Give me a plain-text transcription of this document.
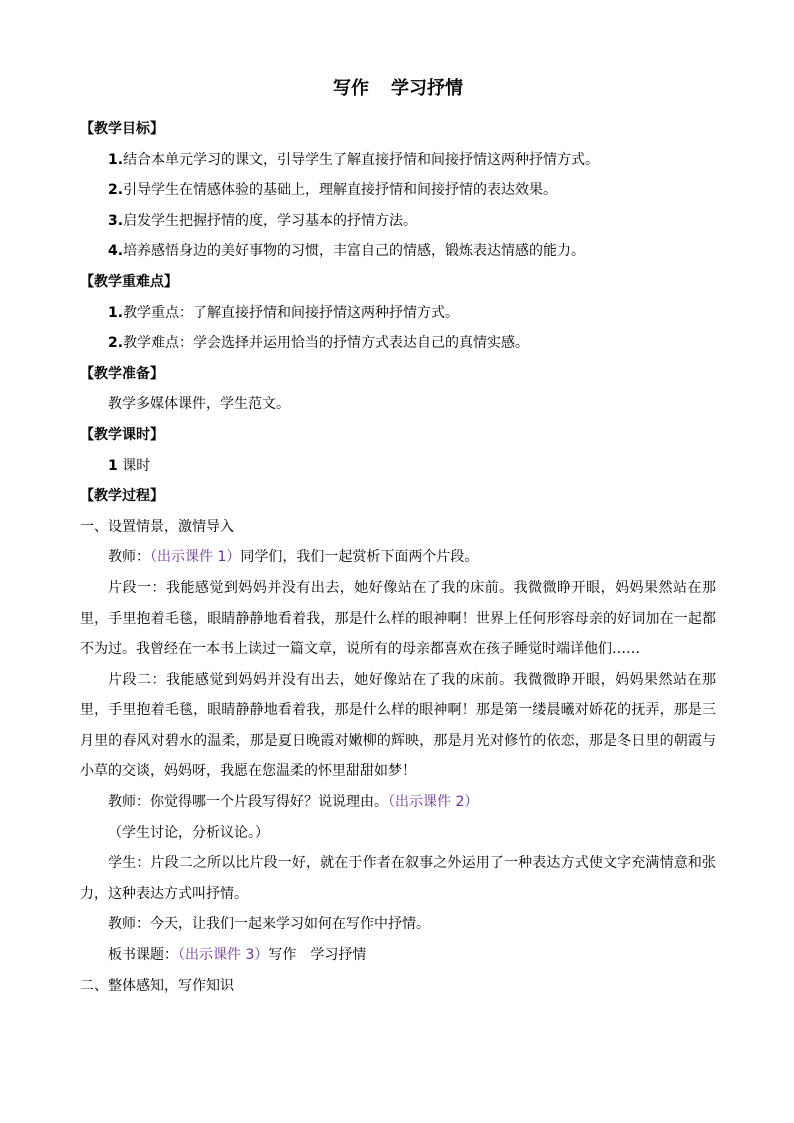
写作 学习抒情
【教学目标】
1.结合本单元学习的课文，引导学生了解直接抒情和间接抒情这两种抒情方式。
2.引导学生在情感体验的基础上，理解直接抒情和间接抒情的表达效果。
3.启发学生把握抒情的度，学习基本的抒情方法。
4.培养感悟身边的美好事物的习惯，丰富自己的情感，锻炼表达情感的能力。
【教学重难点】
1.教学重点：了解直接抒情和间接抒情这两种抒情方式。
2.教学难点：学会选择并运用恰当的抒情方式表达自己的真情实感。
【教学准备】
教学多媒体课件，学生范文。
【教学课时】
1 课时
【教学过程】
一、设置情景，激情导入
教师：（出示课件 1）同学们，我们一起赏析下面两个片段。
片段一：我能感觉到妈妈并没有出去，她好像站在了我的床前。我微微睁开眼，妈妈果然站在那里，手里抱着毛毯，眼睛静静地看着我，那是什么样的眼神啊！世界上任何形容母亲的好词加在一起都不为过。我曾经在一本书上读过一篇文章，说所有的母亲都喜欢在孩子睡觉时端详他们……
片段二：我能感觉到妈妈并没有出去，她好像站在了我的床前。我微微睁开眼，妈妈果然站在那里，手里抱着毛毯，眼睛静静地看着我，那是什么样的眼神啊！那是第一缕晨曦对娇花的抚弄，那是三月里的春风对碧水的温柔，那是夏日晚霞对嫩柳的辉映，那是月光对修竹的依恋，那是冬日里的朝霞与小草的交谈，妈妈呀，我愿在您温柔的怀里甜甜如梦！
教师：你觉得哪一个片段写得好？说说理由。（出示课件 2）
（学生讨论，分析议论。）
学生：片段二之所以比片段一好，就在于作者在叙事之外运用了一种表达方式使文字充满情意和张力，这种表达方式叫抒情。
教师：今天，让我们一起来学习如何在写作中抒情。
板书课题：（出示课件 3）写作　学习抒情
二、整体感知，写作知识
